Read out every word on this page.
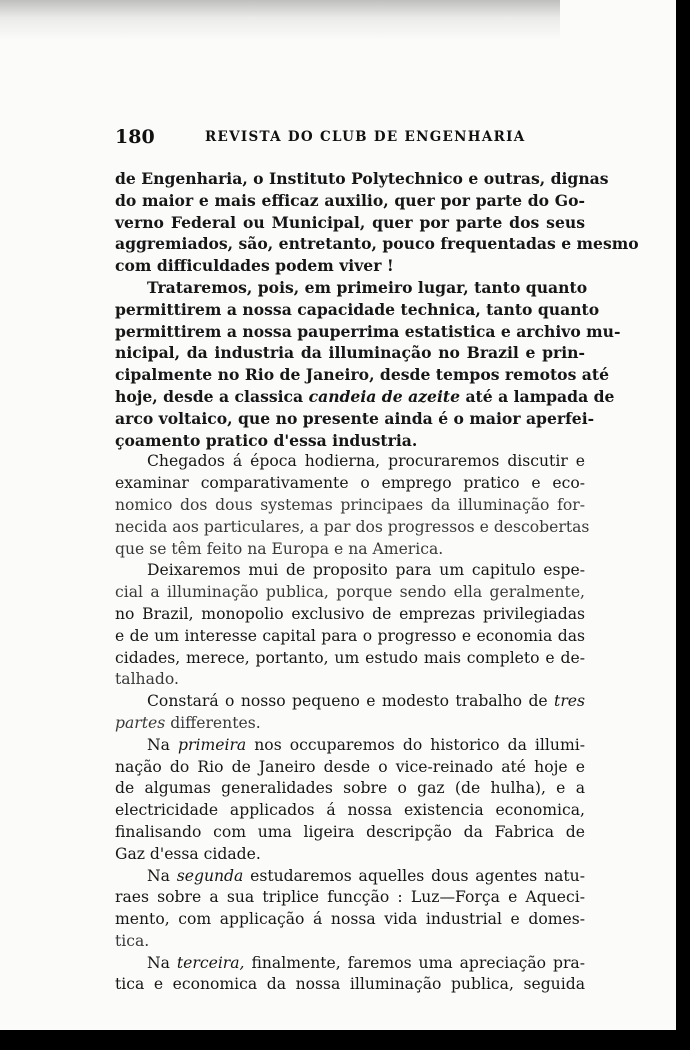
180	REVISTA DO CLUB DE ENGENHARIA

de Engenharia, o Instituto Polytechnico e outras, dignas
do maior e mais efficaz auxilio, quer por parte do Go-
verno Federal ou Municipal, quer por parte dos seus
aggremiados, são, entretanto, pouco frequentadas e mesmo
com difficuldades podem viver !

Trataremos, pois, em primeiro lugar, tanto quanto
permittirem a nossa capacidade technica, tanto quanto
permittirem a nossa pauperrima estatistica e archivo mu-
nicipal, da industria da illuminação no Brazil e prin-
cipalmente no Rio de Janeiro, desde tempos remotos até
hoje, desde a classica candeia de azeite até a lampada de
arco voltaico, que no presente ainda é o maior aperfei-
çoamento pratico d'essa industria.

Chegados á época hodierna, procuraremos discutir e
examinar comparativamente o emprego pratico e eco-
nomico dos dous systemas principaes da illuminação for-
necida aos particulares, a par dos progressos e descobertas
que se têm feito na Europa e na America.

Deixaremos mui de proposito para um capitulo espe-
cial a illuminação publica, porque sendo ella geralmente,
no Brazil, monopolio exclusivo de emprezas privilegiadas
e de um interesse capital para o progresso e economia das
cidades, merece, portanto, um estudo mais completo e de-
talhado.

Constará o nosso pequeno e modesto trabalho de tres
partes differentes.

Na primeira nos occuparemos do historico da illumi-
nação do Rio de Janeiro desde o vice-reinado até hoje e
de algumas generalidades sobre o gaz (de hulha), e a
electricidade applicados á nossa existencia economica,
finalisando com uma ligeira descripção da Fabrica de
Gaz d'essa cidade.

Na segunda estudaremos aquelles dous agentes natu-
raes sobre a sua triplice funcção : Luz—Força e Aqueci-
mento, com applicação á nossa vida industrial e domes-
tica.

Na terceira, finalmente, faremos uma apreciação pra-
tica e economica da nossa illuminação publica, seguida
